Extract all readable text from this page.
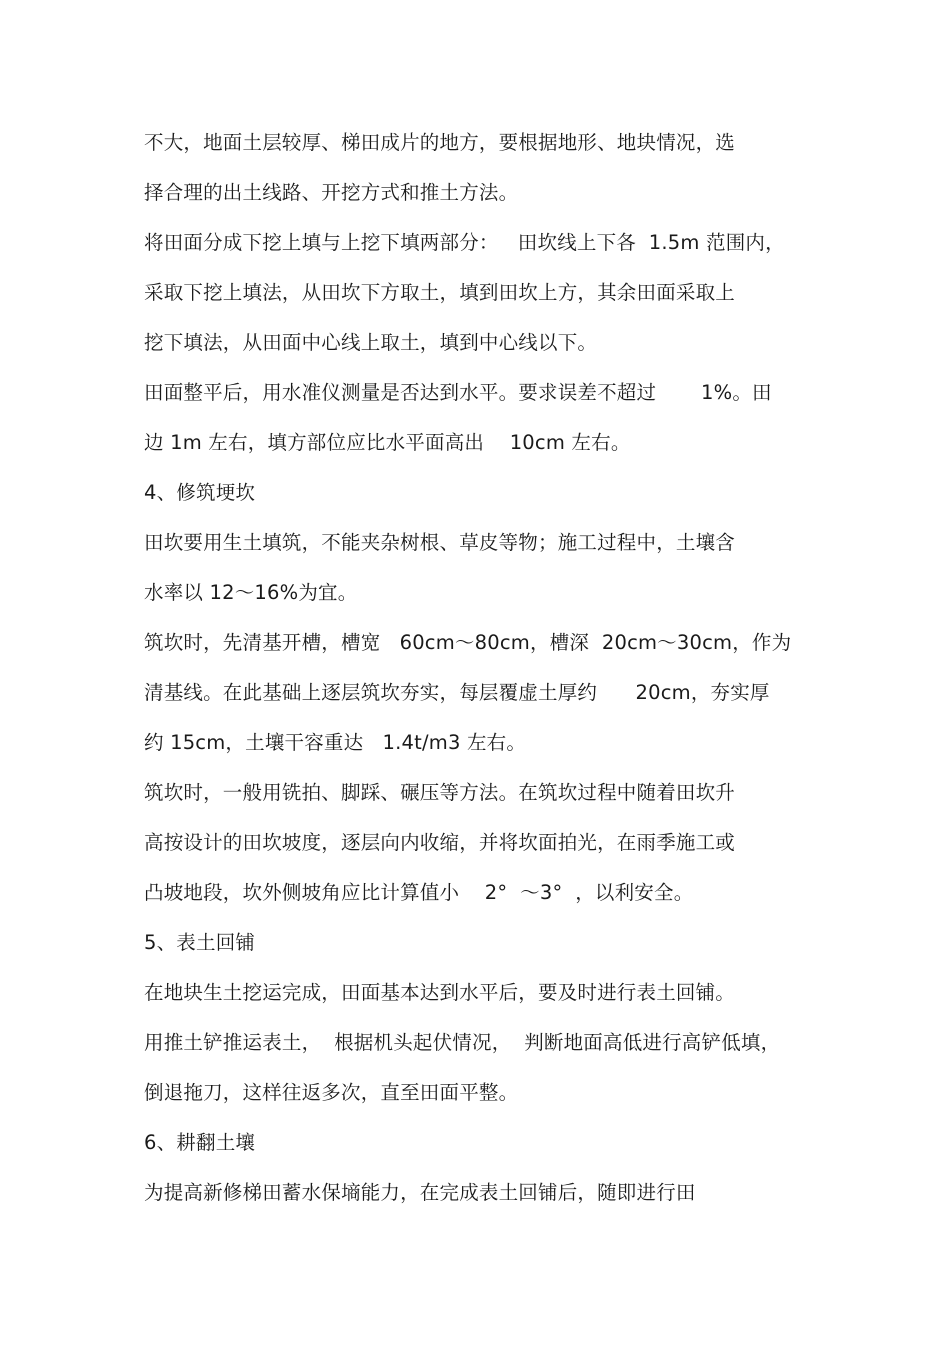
不大，地面土层较厚、梯田成片的地方，要根据地形、地块情况，选
择合理的出土线路、开挖方式和推土方法。
将田面分成下挖上填与上挖下填两部分：   田坎线上下各  1.5m 范围内，
采取下挖上填法，从田坎下方取土，填到田坎上方，其余田面采取上
挖下填法，从田面中心线上取土，填到中心线以下。
田面整平后，用水准仪测量是否达到水平。要求误差不超过       1%。田
边 1m 左右，填方部位应比水平面高出    10cm 左右。
4、修筑埂坎
田坎要用生土填筑，不能夹杂树根、草皮等物；施工过程中，土壤含
水率以 12～16%为宜。
筑坎时，先清基开槽，槽宽   60cm～80cm，槽深  20cm～30cm，作为
清基线。在此基础上逐层筑坎夯实，每层覆虚土厚约      20cm，夯实厚
约 15cm，土壤干容重达   1.4t/m3 左右。
筑坎时，一般用铣拍、脚踩、碾压等方法。在筑坎过程中随着田坎升
高按设计的田坎坡度，逐层向内收缩，并将坎面拍光，在雨季施工或
凸坡地段，坎外侧坡角应比计算值小    2°  ～3°  ，以利安全。
5、表土回铺
在地块生土挖运完成，田面基本达到水平后，要及时进行表土回铺。
用推土铲推运表土，  根据机头起伏情况，  判断地面高低进行高铲低填，
倒退拖刀，这样往返多次，直至田面平整。
6、耕翻土壤
为提高新修梯田蓄水保墒能力，在完成表土回铺后，随即进行田
